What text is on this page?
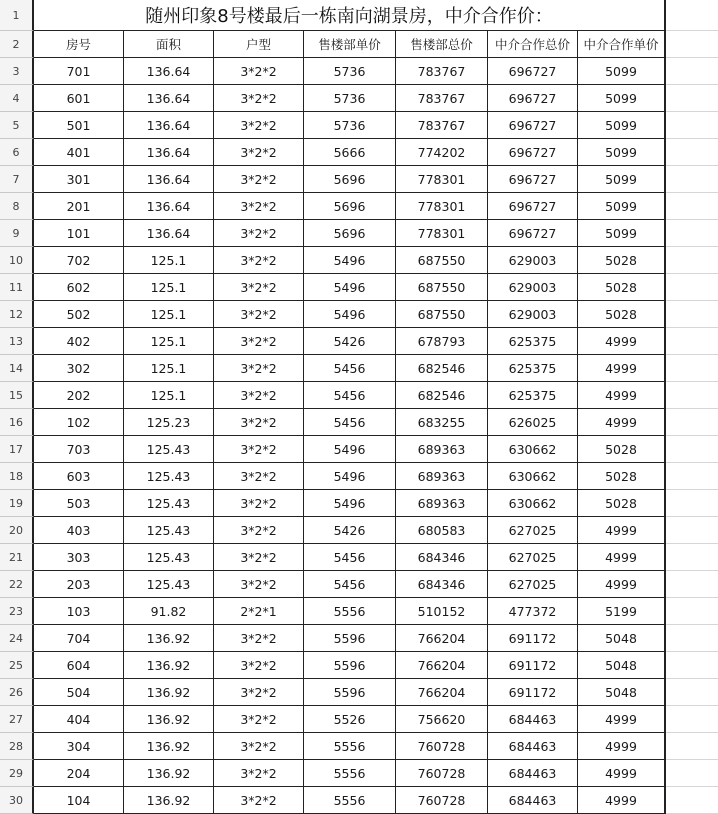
1	随州印象8号楼最后一栋南向湖景房，中介合作价：
2	房号	面积	户型	售楼部单价	售楼部总价	中介合作总价	中介合作单价
3	701	136.64	3*2*2	5736	783767	696727	5099
4	601	136.64	3*2*2	5736	783767	696727	5099
5	501	136.64	3*2*2	5736	783767	696727	5099
6	401	136.64	3*2*2	5666	774202	696727	5099
7	301	136.64	3*2*2	5696	778301	696727	5099
8	201	136.64	3*2*2	5696	778301	696727	5099
9	101	136.64	3*2*2	5696	778301	696727	5099
10	702	125.1	3*2*2	5496	687550	629003	5028
11	602	125.1	3*2*2	5496	687550	629003	5028
12	502	125.1	3*2*2	5496	687550	629003	5028
13	402	125.1	3*2*2	5426	678793	625375	4999
14	302	125.1	3*2*2	5456	682546	625375	4999
15	202	125.1	3*2*2	5456	682546	625375	4999
16	102	125.23	3*2*2	5456	683255	626025	4999
17	703	125.43	3*2*2	5496	689363	630662	5028
18	603	125.43	3*2*2	5496	689363	630662	5028
19	503	125.43	3*2*2	5496	689363	630662	5028
20	403	125.43	3*2*2	5426	680583	627025	4999
21	303	125.43	3*2*2	5456	684346	627025	4999
22	203	125.43	3*2*2	5456	684346	627025	4999
23	103	91.82	2*2*1	5556	510152	477372	5199
24	704	136.92	3*2*2	5596	766204	691172	5048
25	604	136.92	3*2*2	5596	766204	691172	5048
26	504	136.92	3*2*2	5596	766204	691172	5048
27	404	136.92	3*2*2	5526	756620	684463	4999
28	304	136.92	3*2*2	5556	760728	684463	4999
29	204	136.92	3*2*2	5556	760728	684463	4999
30	104	136.92	3*2*2	5556	760728	684463	4999
